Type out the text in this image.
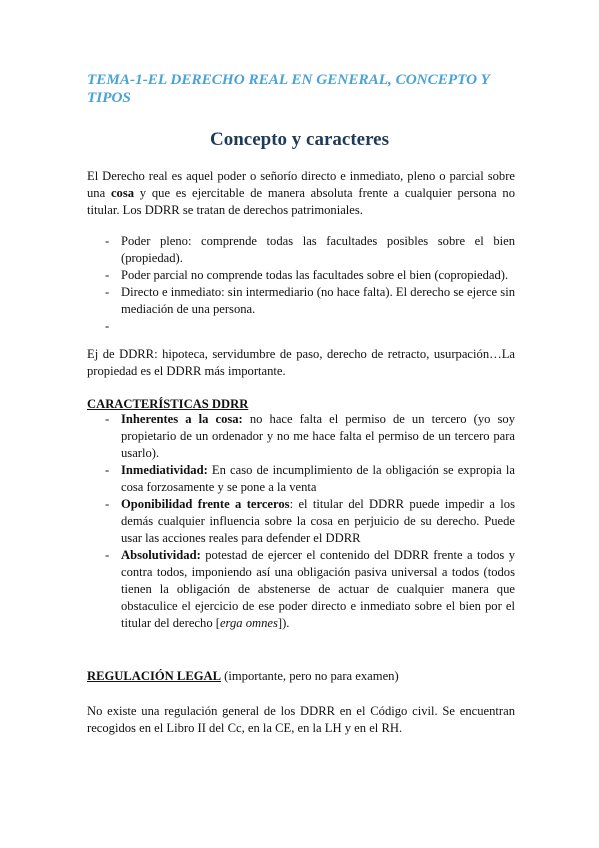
TEMA-1-EL DERECHO REAL EN GENERAL, CONCEPTO Y TIPOS
Concepto y caracteres

El Derecho real es aquel poder o señorío directo e inmediato, pleno o parcial sobre una cosa y que es ejercitable de manera absoluta frente a cualquier persona no titular. Los DDRR se tratan de derechos patrimoniales.

- Poder pleno: comprende todas las facultades posibles sobre el bien (propiedad).
- Poder parcial no comprende todas las facultades sobre el bien (copropiedad).
- Directo e inmediato: sin intermediario (no hace falta). El derecho se ejerce sin mediación de una persona.
-

Ej de DDRR: hipoteca, servidumbre de paso, derecho de retracto, usurpación…La propiedad es el DDRR más importante.

CARACTERÍSTICAS DDRR

- Inherentes a la cosa: no hace falta el permiso de un tercero (yo soy propietario de un ordenador y no me hace falta el permiso de un tercero para usarlo).
- Inmediatividad: En caso de incumplimiento de la obligación se expropia la cosa forzosamente y se pone a la venta
- Oponibilidad frente a terceros: el titular del DDRR puede impedir a los demás cualquier influencia sobre la cosa en perjuicio de su derecho. Puede usar las acciones reales para defender el DDRR
- Absolutividad: potestad de ejercer el contenido del DDRR frente a todos y contra todos, imponiendo así una obligación pasiva universal a todos (todos tienen la obligación de abstenerse de actuar de cualquier manera que obstaculice el ejercicio de ese poder directo e inmediato sobre el bien por el titular del derecho [erga omnes]).

REGULACIÓN LEGAL (importante, pero no para examen)

No existe una regulación general de los DDRR en el Código civil. Se encuentran recogidos en el Libro II del Cc, en la CE, en la LH y en el RH.
